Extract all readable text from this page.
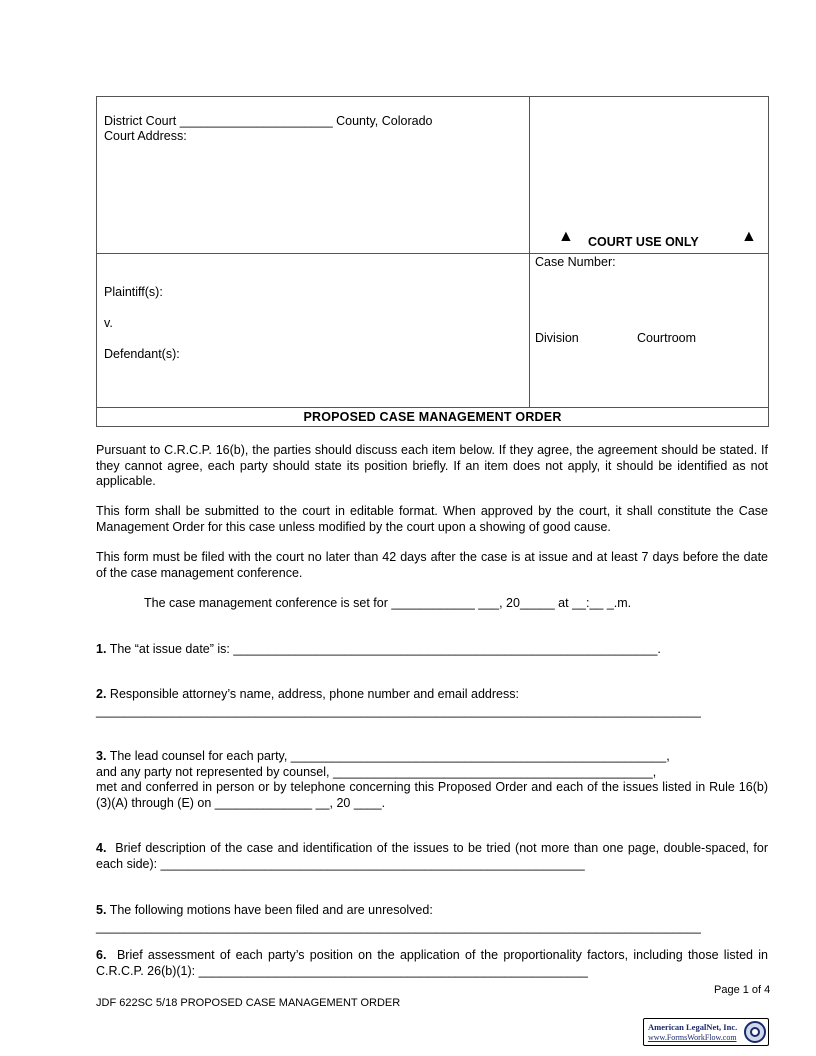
District Court ______________________ County, Colorado
Court Address:
▲ COURT USE ONLY	▲
Case Number:
Plaintiff(s):
v.
Defendant(s):
Division	Courtroom
PROPOSED CASE MANAGEMENT ORDER
Pursuant to C.R.C.P. 16(b), the parties should discuss each item below. If they agree, the agreement should be stated. If they cannot agree, each party should state its position briefly. If an item does not apply, it should be identified as not applicable.
This form shall be submitted to the court in editable format. When approved by the court, it shall constitute the Case Management Order for this case unless modified by the court upon a showing of good cause.
This form must be filed with the court no later than 42 days after the case is at issue and at least 7 days before the date of the case management conference.
The case management conference is set for ____________ ___, 20_____ at __:__ _.m.
1. The “at issue date” is: _____________________________________________________________.
2. Responsible attorney’s name, address, phone number and email address:
_______________________________________________________________________________________
3. The lead counsel for each party, ______________________________________________________,
and any party not represented by counsel, ______________________________________________,
met and conferred in person or by telephone concerning this Proposed Order and each of the issues listed in Rule 16(b)(3)(A) through (E) on ______________ __, 20 ____.
4. Brief description of the case and identification of the issues to be tried (not more than one page, double-spaced, for each side): _____________________________________________________________
5. The following motions have been filed and are unresolved:
_______________________________________________________________________________________
6. Brief assessment of each party’s position on the application of the proportionality factors, including those listed in C.R.C.P. 26(b)(1): ________________________________________________________
Page 1 of 4
JDF 622SC 5/18 PROPOSED CASE MANAGEMENT ORDER
American LegalNet, Inc.
www.FormsWorkFlow.com
